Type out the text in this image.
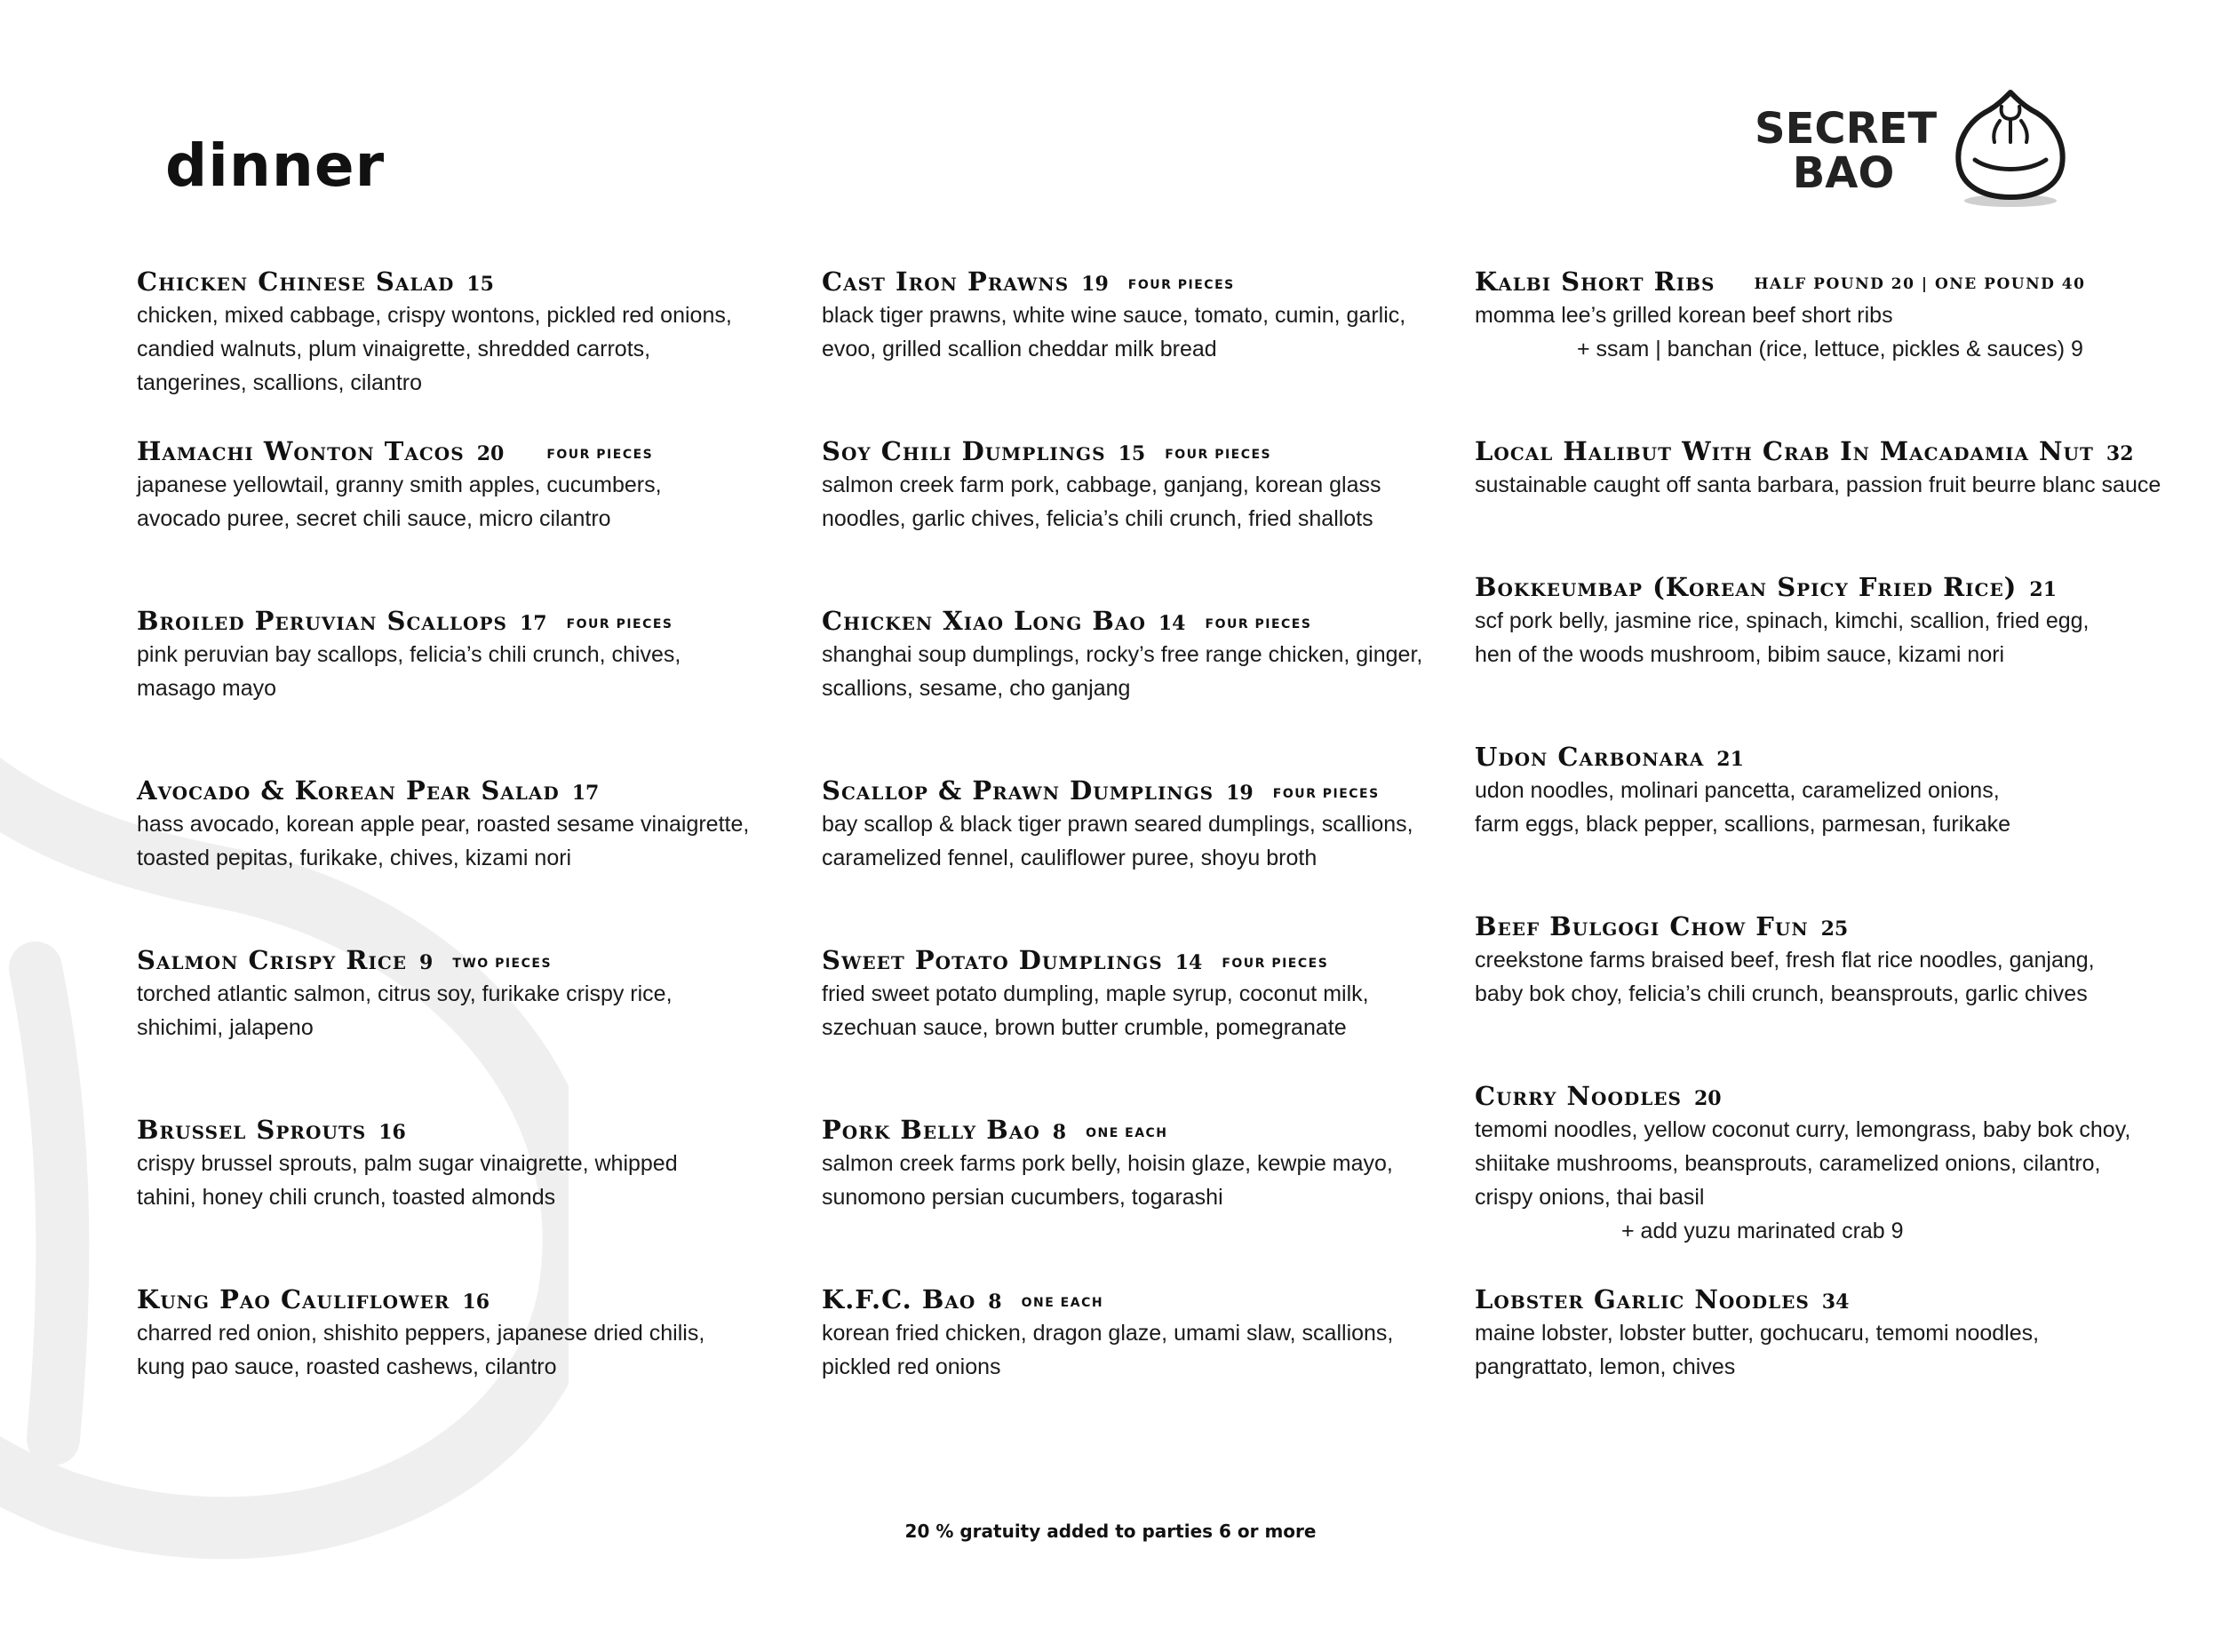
dinner
SECRET
BAO
Chicken Chinese Salad 15
chicken, mixed cabbage, crispy wontons, pickled red onions,
candied walnuts, plum vinaigrette, shredded carrots,
tangerines, scallions, cilantro
Hamachi Wonton Tacos 20	FOUR PIECES
japanese yellowtail, granny smith apples, cucumbers,
avocado puree, secret chili sauce, micro cilantro
Broiled Peruvian Scallops 17 FOUR PIECES
pink peruvian bay scallops, felicia’s chili crunch, chives,
masago mayo
Avocado & Korean Pear Salad 17
hass avocado, korean apple pear, roasted sesame vinaigrette,
toasted pepitas, furikake, chives, kizami nori
Salmon Crispy Rice 9 TWO PIECES
torched atlantic salmon, citrus soy, furikake crispy rice,
shichimi, jalapeno
Brussel Sprouts 16
crispy brussel sprouts, palm sugar vinaigrette, whipped
tahini, honey chili crunch, toasted almonds
Kung Pao Cauliflower 16
charred red onion, shishito peppers, japanese dried chilis,
kung pao sauce, roasted cashews, cilantro
Cast Iron Prawns 19 FOUR PIECES
black tiger prawns, white wine sauce, tomato, cumin, garlic,
evoo, grilled scallion cheddar milk bread
Soy Chili Dumplings 15 FOUR PIECES
salmon creek farm pork, cabbage, ganjang, korean glass
noodles, garlic chives, felicia’s chili crunch, fried shallots
Chicken Xiao Long Bao 14 FOUR PIECES
shanghai soup dumplings, rocky’s free range chicken, ginger,
scallions, sesame, cho ganjang
Scallop & Prawn Dumplings 19 FOUR PIECES
bay scallop & black tiger prawn seared dumplings, scallions,
caramelized fennel, cauliflower puree, shoyu broth
Sweet Potato Dumplings 14 FOUR PIECES
fried sweet potato dumpling, maple syrup, coconut milk,
szechuan sauce, brown butter crumble, pomegranate
Pork Belly Bao 8 ONE EACH
salmon creek farms pork belly, hoisin glaze, kewpie mayo,
sunomono persian cucumbers, togarashi
K.F.C. Bao 8 ONE EACH
korean fried chicken, dragon glaze, umami slaw, scallions,
pickled red onions
Kalbi Short Ribs	HALF POUND 20 | ONE POUND 40
momma lee’s grilled korean beef short ribs
+ ssam | banchan (rice, lettuce, pickles & sauces) 9
Local Halibut With Crab In Macadamia Nut 32
sustainable caught off santa barbara, passion fruit beurre blanc sauce
Bokkeumbap (Korean Spicy Fried Rice) 21
scf pork belly, jasmine rice, spinach, kimchi, scallion, fried egg,
hen of the woods mushroom, bibim sauce, kizami nori
Udon Carbonara 21
udon noodles, molinari pancetta, caramelized onions,
farm eggs, black pepper, scallions, parmesan, furikake
Beef Bulgogi Chow Fun 25
creekstone farms braised beef, fresh flat rice noodles, ganjang,
baby bok choy, felicia’s chili crunch, beansprouts, garlic chives
Curry Noodles 20
temomi noodles, yellow coconut curry, lemongrass, baby bok choy,
shiitake mushrooms, beansprouts, caramelized onions, cilantro,
crispy onions, thai basil
+ add yuzu marinated crab 9
Lobster Garlic Noodles 34
maine lobster, lobster butter, gochucaru, temomi noodles,
pangrattato, lemon, chives
20 % gratuity added to parties 6 or more
